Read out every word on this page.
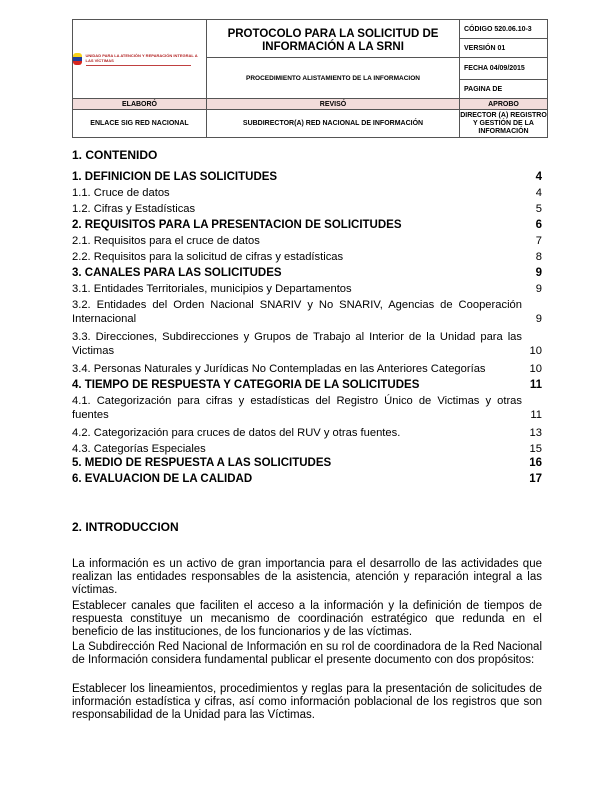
UNIDAD PARA LA ATENCIÓN Y REPARACIÓN INTEGRAL A LAS VÍCTIMAS	PROTOCOLO PARA LA SOLICITUD DE INFORMACIÓN A LA SRNI	CÓDIGO 520.06.10-3
		VERSIÓN 01
	PROCEDIMIENTO ALISTAMIENTO DE LA INFORMACION	FECHA 04/09/2015
		PAGINA DE
ELABORÓ	REVISÓ	APROBO
ENLACE SIG RED NACIONAL	SUBDIRECTOR(A) RED NACIONAL DE INFORMACIÓN	DIRECTOR (A) REGISTRO Y GESTIÓN DE LA INFORMACIÓN
1. CONTENIDO
1. DEFINICION DE LAS SOLICITUDES	4
1.1. Cruce de datos	4
1.2. Cifras y Estadísticas	5
2. REQUISITOS PARA LA PRESENTACION DE SOLICITUDES	6
2.1. Requisitos para el cruce de datos	7
2.2. Requisitos para la solicitud de cifras y estadísticas	8
3. CANALES PARA LAS SOLICITUDES	9
3.1. Entidades Territoriales, municipios y Departamentos	9
3.2. Entidades del Orden Nacional SNARIV y No SNARIV, Agencias de Cooperación Internacional	9
3.3. Direcciones, Subdirecciones y Grupos de Trabajo al Interior de la Unidad para las Victimas	10
3.4. Personas Naturales y Jurídicas No Contempladas en las Anteriores Categorías	10
4. TIEMPO DE RESPUESTA Y CATEGORIA DE LA SOLICITUDES	11
4.1. Categorización para cifras y estadísticas del Registro Único de Victimas y otras fuentes	11
4.2. Categorización para cruces de datos del RUV y otras fuentes.	13
4.3. Categorías Especiales	15
5. MEDIO DE RESPUESTA A LAS SOLICITUDES	16
6. EVALUACION DE LA CALIDAD	17
2. INTRODUCCION

La información es un activo de gran importancia para el desarrollo de las actividades que realizan las entidades responsables de la asistencia, atención y reparación integral a las víctimas.

Establecer canales que faciliten el acceso a la información y la definición de tiempos de respuesta constituye un mecanismo de coordinación estratégico que redunda en el beneficio de las instituciones, de los funcionarios y de las víctimas.

La Subdirección Red Nacional de Información en su rol de coordinadora de la Red Nacional de Información considera fundamental publicar el presente documento con dos propósitos:

Establecer los lineamientos, procedimientos y reglas para la presentación de solicitudes de información estadística y cifras, así como información poblacional de los registros que son responsabilidad de la Unidad para las Víctimas.
